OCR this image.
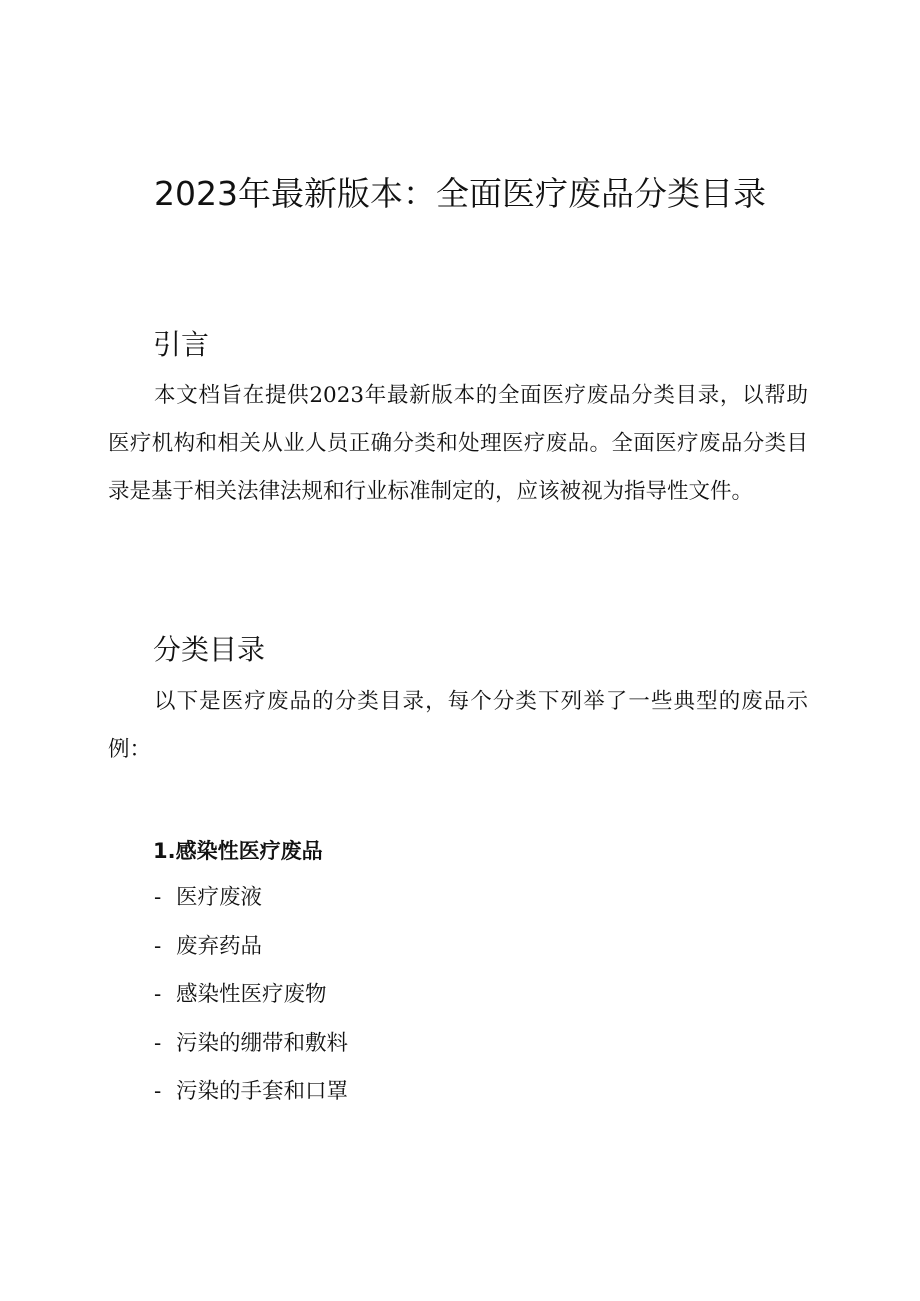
2023年最新版本：全面医疗废品分类目录
引言

本文档旨在提供2023年最新版本的全面医疗废品分类目录，以帮助医疗机构和相关从业人员正确分类和处理医疗废品。全面医疗废品分类目录是基于相关法律法规和行业标准制定的，应该被视为指导性文件。

分类目录

以下是医疗废品的分类目录，每个分类下列举了一些典型的废品示例：

1.感染性医疗废品
- 医疗废液
- 废弃药品
- 感染性医疗废物
- 污染的绷带和敷料
- 污染的手套和口罩
